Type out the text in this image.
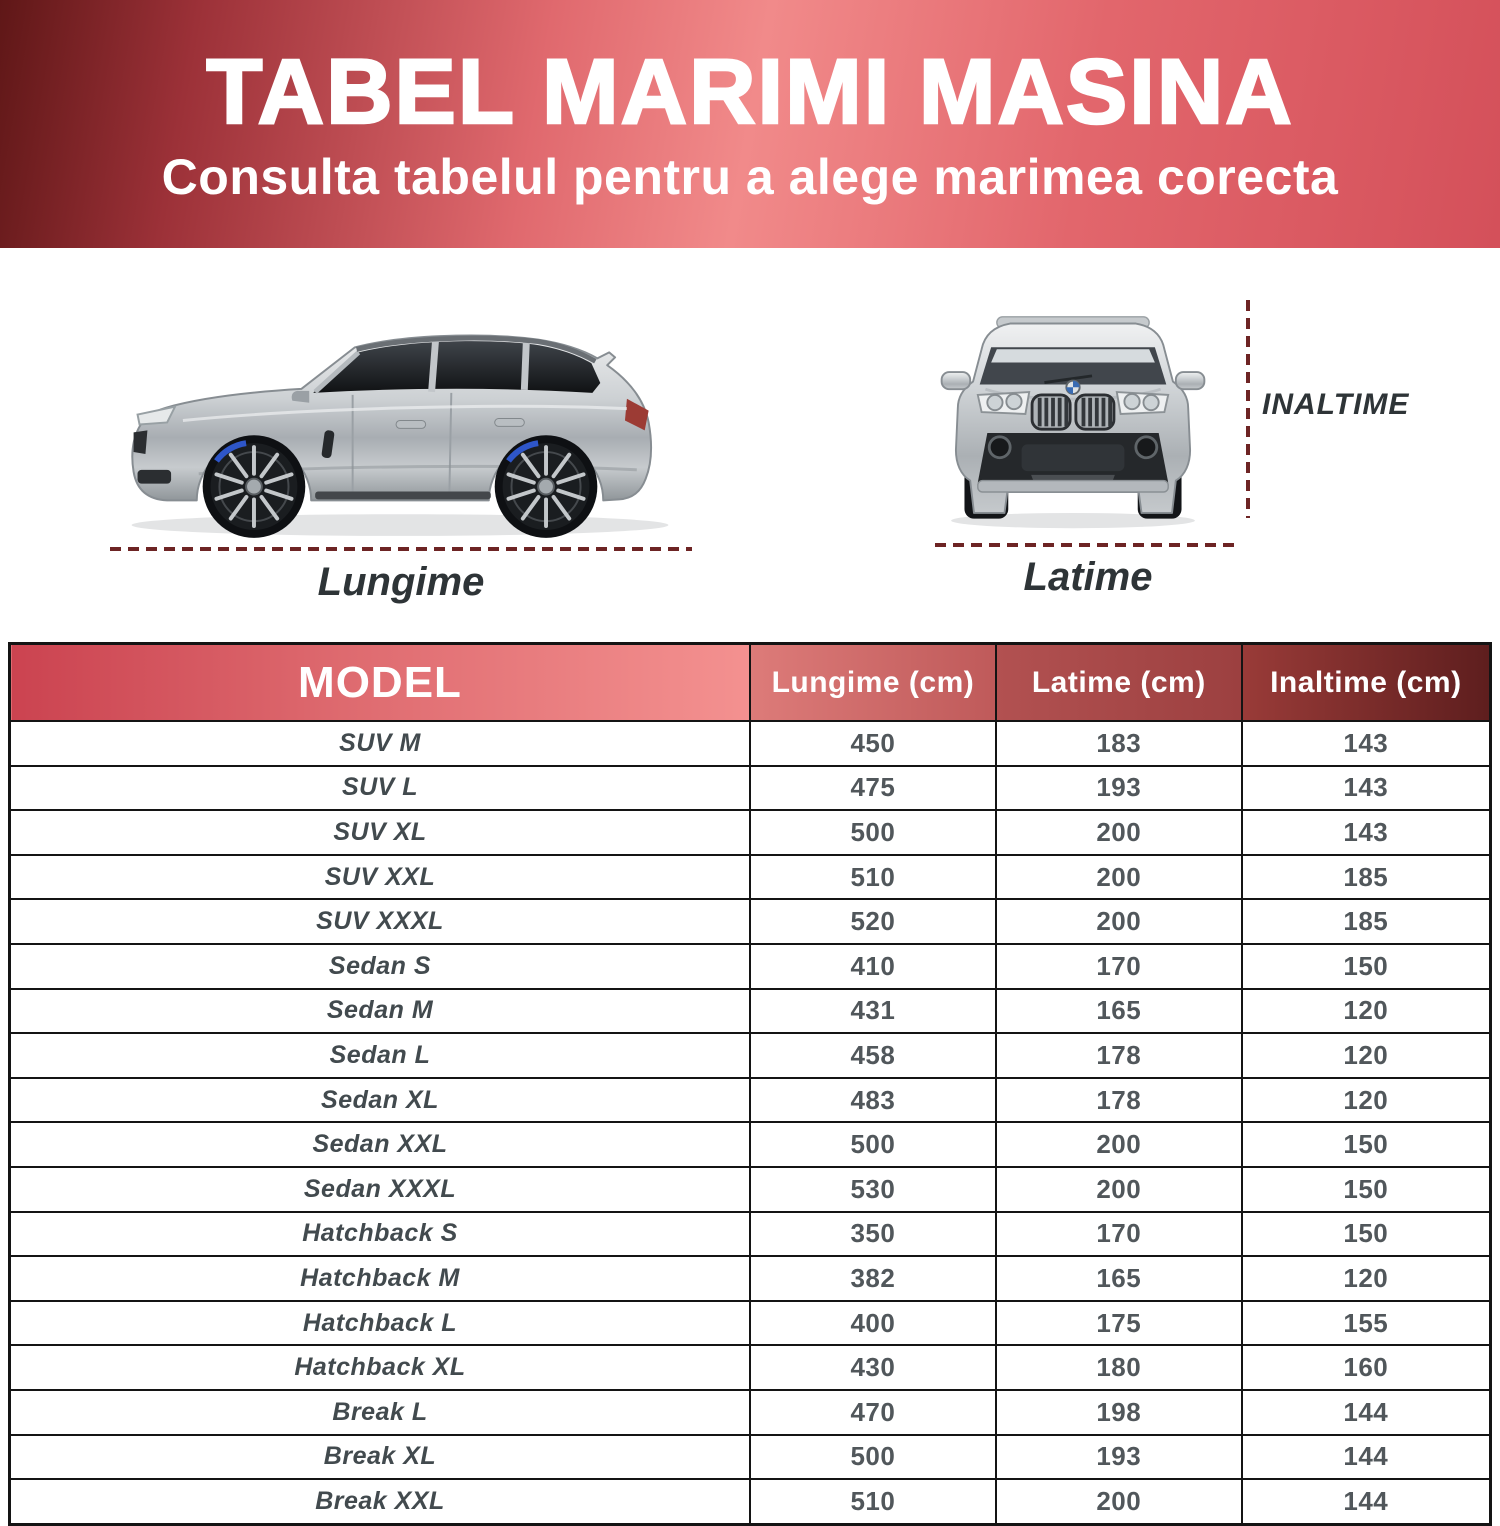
TABEL MARIMI MASINA
Consulta tabelul pentru a alege marimea corecta
Lungime
INALTIME
Latime
MODEL	Lungime (cm)	Latime (cm)	Inaltime (cm)
SUV M	450	183	143
SUV L	475	193	143
SUV XL	500	200	143
SUV XXL	510	200	185
SUV XXXL	520	200	185
Sedan S	410	170	150
Sedan M	431	165	120
Sedan L	458	178	120
Sedan XL	483	178	120
Sedan XXL	500	200	150
Sedan XXXL	530	200	150
Hatchback S	350	170	150
Hatchback M	382	165	120
Hatchback L	400	175	155
Hatchback XL	430	180	160
Break L	470	198	144
Break XL	500	193	144
Break XXL	510	200	144
